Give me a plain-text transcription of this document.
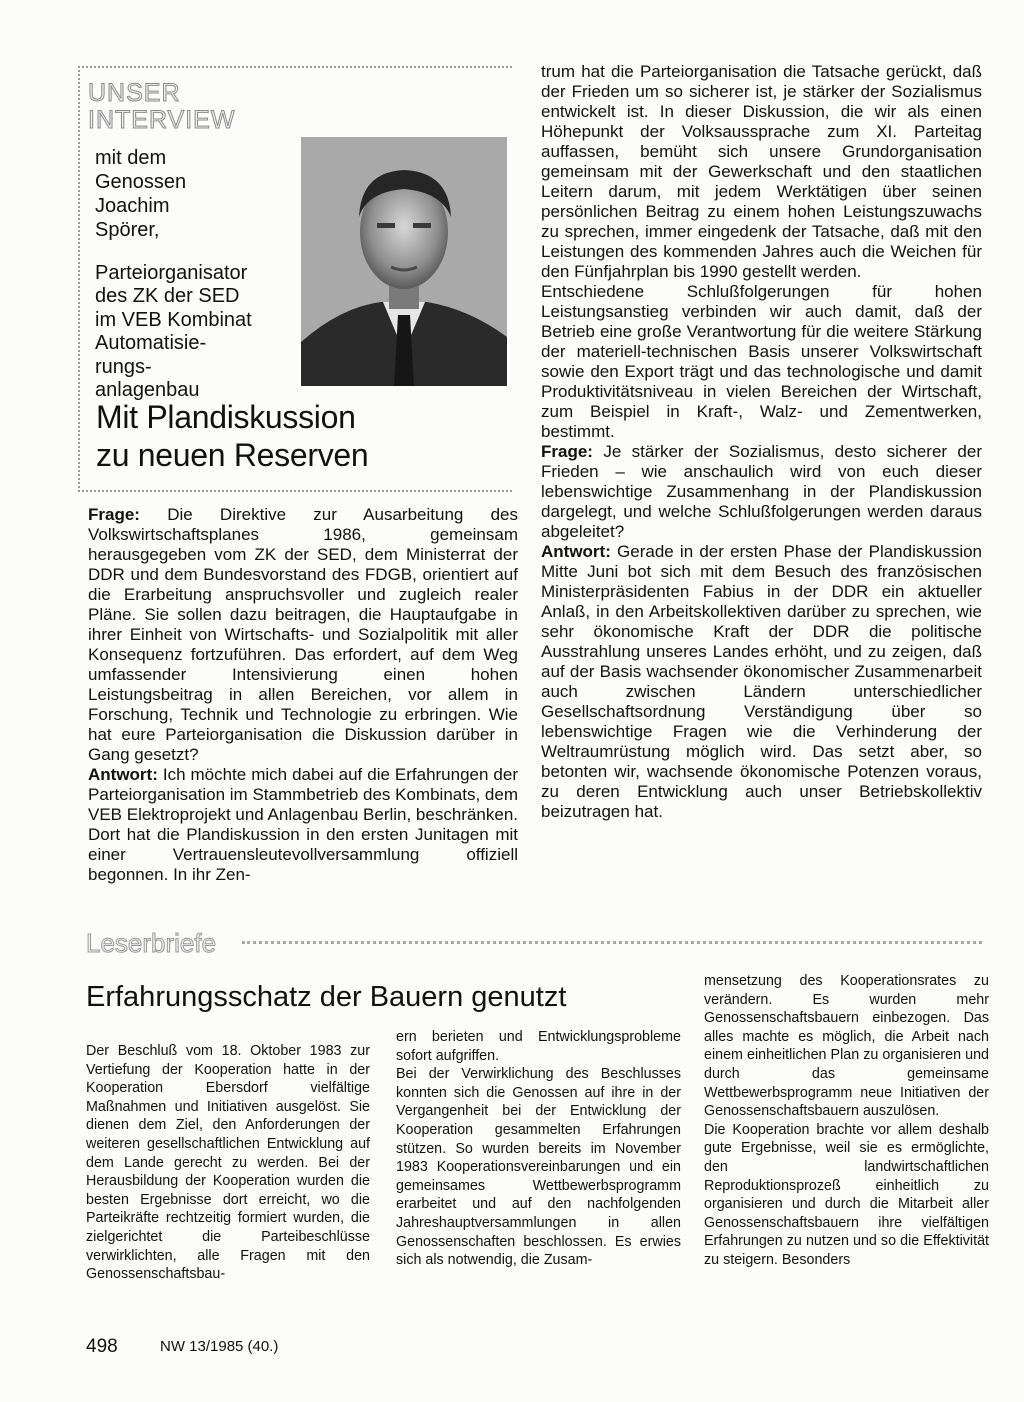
UNSER
INTERVIEW
mit dem
Genossen
Joachim
Spörer,
Parteiorganisator
des ZK der SED
im VEB Kombinat
Automatisie-
rungs-
anlagenbau
Mit Plandiskussion
zu neuen Reserven

Frage: Die Direktive zur Ausarbeitung des Volkswirtschaftsplanes 1986, gemeinsam herausgegeben vom ZK der SED, dem Ministerrat der DDR und dem Bundesvorstand des FDGB, orientiert auf die Erarbeitung anspruchsvoller und zugleich realer Pläne. Sie sollen dazu beitragen, die Hauptaufgabe in ihrer Einheit von Wirtschafts- und Sozialpolitik mit aller Konsequenz fortzuführen. Das erfordert, auf dem Weg umfassender Intensivierung einen hohen Leistungsbeitrag in allen Bereichen, vor allem in Forschung, Technik und Technologie zu erbringen. Wie hat eure Parteiorganisation die Diskussion darüber in Gang gesetzt?

Antwort: Ich möchte mich dabei auf die Erfahrungen der Parteiorganisation im Stammbetrieb des Kombinats, dem VEB Elektroprojekt und Anlagenbau Berlin, beschränken. Dort hat die Plandiskussion in den ersten Junitagen mit einer Vertrauensleutevollversammlung offiziell begonnen. In ihr Zen-

trum hat die Parteiorganisation die Tatsache gerückt, daß der Frieden um so sicherer ist, je stärker der Sozialismus entwickelt ist. In dieser Diskussion, die wir als einen Höhepunkt der Volksaussprache zum XI. Parteitag auffassen, bemüht sich unsere Grundorganisation gemeinsam mit der Gewerkschaft und den staatlichen Leitern darum, mit jedem Werktätigen über seinen persönlichen Beitrag zu einem hohen Leistungszuwachs zu sprechen, immer eingedenk der Tatsache, daß mit den Leistungen des kommenden Jahres auch die Weichen für den Fünfjahrplan bis 1990 gestellt werden.

Entschiedene Schlußfolgerungen für hohen Leistungsanstieg verbinden wir auch damit, daß der Betrieb eine große Verantwortung für die weitere Stärkung der materiell-technischen Basis unserer Volkswirtschaft sowie den Export trägt und das technologische und damit Produktivitätsniveau in vielen Bereichen der Wirtschaft, zum Beispiel in Kraft-, Walz- und Zementwerken, bestimmt.

Frage: Je stärker der Sozialismus, desto sicherer der Frieden – wie anschaulich wird von euch dieser lebenswichtige Zusammenhang in der Plandiskussion dargelegt, und welche Schlußfolgerungen werden daraus abgeleitet?

Antwort: Gerade in der ersten Phase der Plandiskussion Mitte Juni bot sich mit dem Besuch des französischen Ministerpräsidenten Fabius in der DDR ein aktueller Anlaß, in den Arbeitskollektiven darüber zu sprechen, wie sehr ökonomische Kraft der DDR die politische Ausstrahlung unseres Landes erhöht, und zu zeigen, daß auf der Basis wachsender ökonomischer Zusammenarbeit auch zwischen Ländern unterschiedlicher Gesellschaftsordnung Verständigung über so lebenswichtige Fragen wie die Verhinderung der Weltraumrüstung möglich wird. Das setzt aber, so betonten wir, wachsende ökonomische Potenzen voraus, zu deren Entwicklung auch unser Betriebskollektiv beizutragen hat.

Leserbriefe
Erfahrungsschatz der Bauern genutzt

Der Beschluß vom 18. Oktober 1983 zur Vertiefung der Kooperation hatte in der Kooperation Ebersdorf vielfältige Maßnahmen und Initiativen ausgelöst. Sie dienen dem Ziel, den Anforderungen der weiteren gesellschaftlichen Entwicklung auf dem Lande gerecht zu werden. Bei der Herausbildung der Kooperation wurden die besten Ergebnisse dort erreicht, wo die Parteikräfte rechtzeitig formiert wurden, die zielgerichtet die Parteibeschlüsse verwirklichten, alle Fragen mit den Genossenschaftsbau-

ern berieten und Entwicklungsprobleme sofort aufgriffen.

Bei der Verwirklichung des Beschlusses konnten sich die Genossen auf ihre in der Vergangenheit bei der Entwicklung der Kooperation gesammelten Erfahrungen stützen. So wurden bereits im November 1983 Kooperationsvereinbarungen und ein gemeinsames Wettbewerbsprogramm erarbeitet und auf den nachfolgenden Jahreshauptversammlungen in allen Genossenschaften beschlossen. Es erwies sich als notwendig, die Zusam-

mensetzung des Kooperationsrates zu verändern. Es wurden mehr Genossenschaftsbauern einbezogen. Das alles machte es möglich, die Arbeit nach einem einheitlichen Plan zu organisieren und durch das gemeinsame Wettbewerbsprogramm neue Initiativen der Genossenschaftsbauern auszulösen.

Die Kooperation brachte vor allem deshalb gute Ergebnisse, weil sie es ermöglichte, den landwirtschaftlichen Reproduktionsprozeß einheitlich zu organisieren und durch die Mitarbeit aller Genossenschaftsbauern ihre vielfältigen Erfahrungen zu nutzen und so die Effektivität zu steigern. Besonders

498	NW 13/1985 (40.)
